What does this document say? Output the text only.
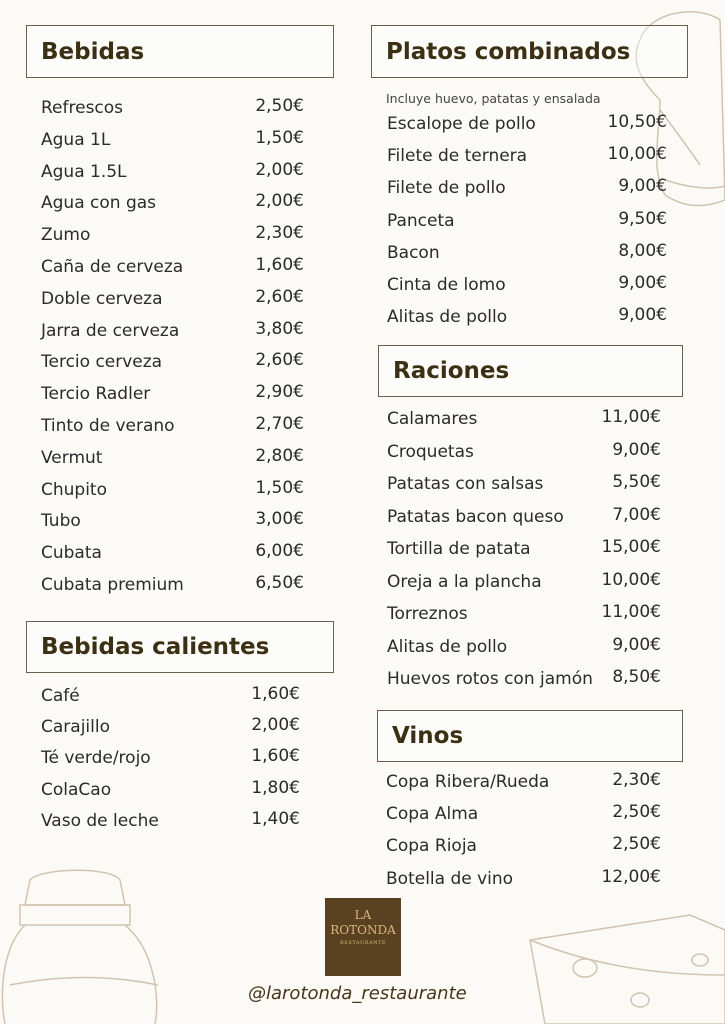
Bebidas
Refrescos	2,50€
Agua 1L	1,50€
Agua 1.5L	2,00€
Agua con gas	2,00€
Zumo	2,30€
Caña de cerveza	1,60€
Doble cerveza	2,60€
Jarra de cerveza	3,80€
Tercio cerveza	2,60€
Tercio Radler	2,90€
Tinto de verano	2,70€
Vermut	2,80€
Chupito	1,50€
Tubo	3,00€
Cubata	6,00€
Cubata premium	6,50€
Bebidas calientes
Café	1,60€
Carajillo	2,00€
Té verde/rojo	1,60€
ColaCao	1,80€
Vaso de leche	1,40€
Platos combinados
Incluye huevo, patatas y ensalada
Escalope de pollo	10,50€
Filete de ternera	10,00€
Filete de pollo	9,00€
Panceta	9,50€
Bacon	8,00€
Cinta de lomo	9,00€
Alitas de pollo	9,00€
Raciones
Calamares	11,00€
Croquetas	9,00€
Patatas con salsas	5,50€
Patatas bacon queso	7,00€
Tortilla de patata	15,00€
Oreja a la plancha	10,00€
Torreznos	11,00€
Alitas de pollo	9,00€
Huevos rotos con jamón 8,50€
Vinos
Copa Ribera/Rueda	2,30€
Copa Alma	2,50€
Copa Rioja	2,50€
Botella de vino	12,00€
LA
ROTONDA
RESTAURANTE
@larotonda_restaurante
